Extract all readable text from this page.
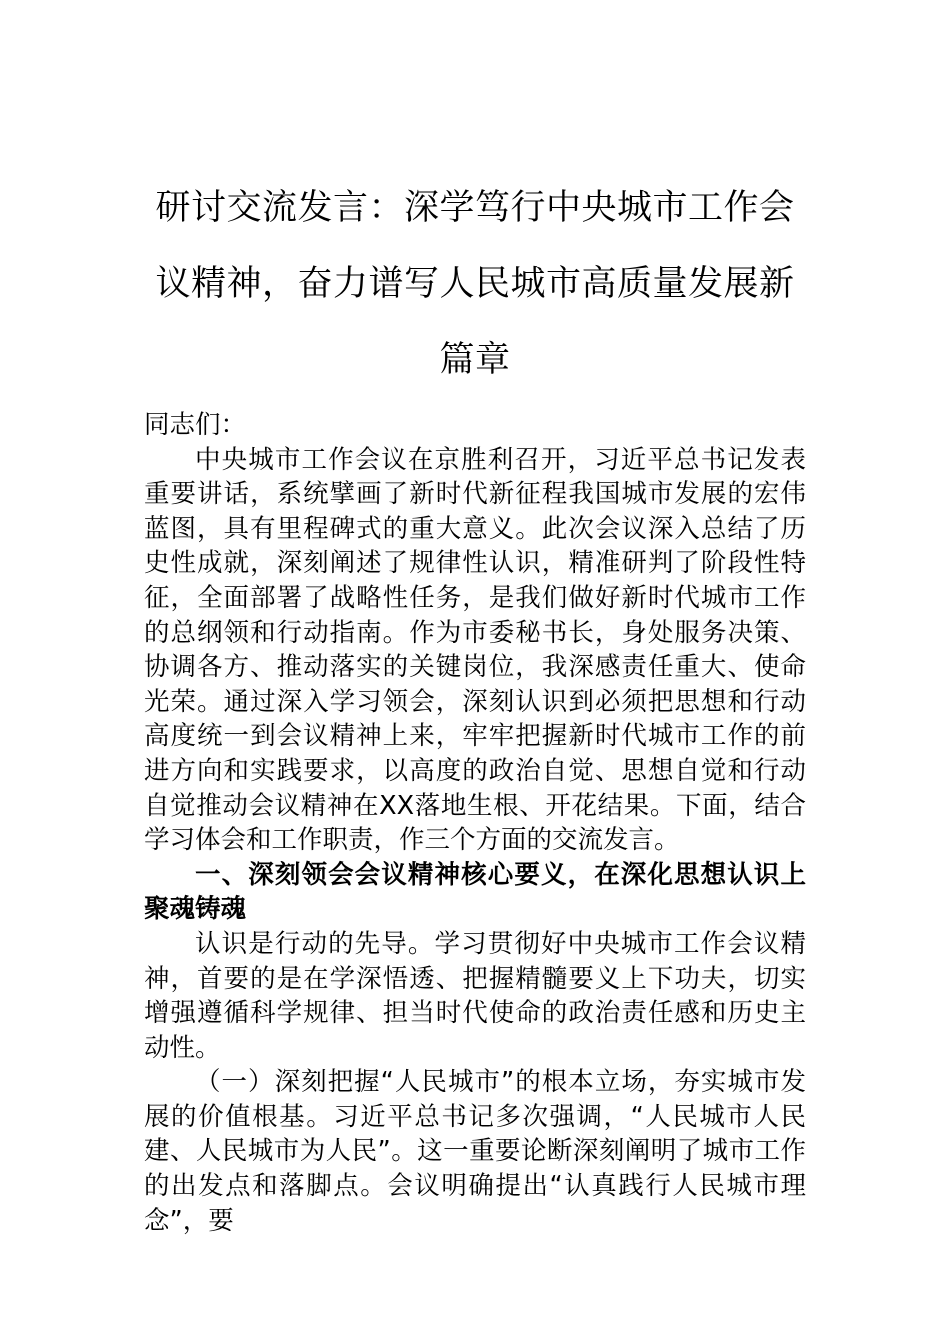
研讨交流发言：深学笃行中央城市工作会议精神，奋力谱写人民城市高质量发展新篇章

同志们：

中央城市工作会议在京胜利召开，习近平总书记发表重要讲话，系统擘画了新时代新征程我国城市发展的宏伟蓝图，具有里程碑式的重大意义。此次会议深入总结了历史性成就，深刻阐述了规律性认识，精准研判了阶段性特征，全面部署了战略性任务，是我们做好新时代城市工作的总纲领和行动指南。作为市委秘书长，身处服务决策、协调各方、推动落实的关键岗位，我深感责任重大、使命光荣。通过深入学习领会，深刻认识到必须把思想和行动高度统一到会议精神上来，牢牢把握新时代城市工作的前进方向和实践要求，以高度的政治自觉、思想自觉和行动自觉推动会议精神在XX落地生根、开花结果。下面，结合学习体会和工作职责，作三个方面的交流发言。

一、深刻领会会议精神核心要义，在深化思想认识上聚魂铸魂

认识是行动的先导。学习贯彻好中央城市工作会议精神，首要的是在学深悟透、把握精髓要义上下功夫，切实增强遵循科学规律、担当时代使命的政治责任感和历史主动性。

（一）深刻把握“人民城市”的根本立场，夯实城市发展的价值根基。习近平总书记多次强调，“人民城市人民建、人民城市为人民”。这一重要论断深刻阐明了城市工作的出发点和落脚点。会议明确提出“认真践行人民城市理念”，要
